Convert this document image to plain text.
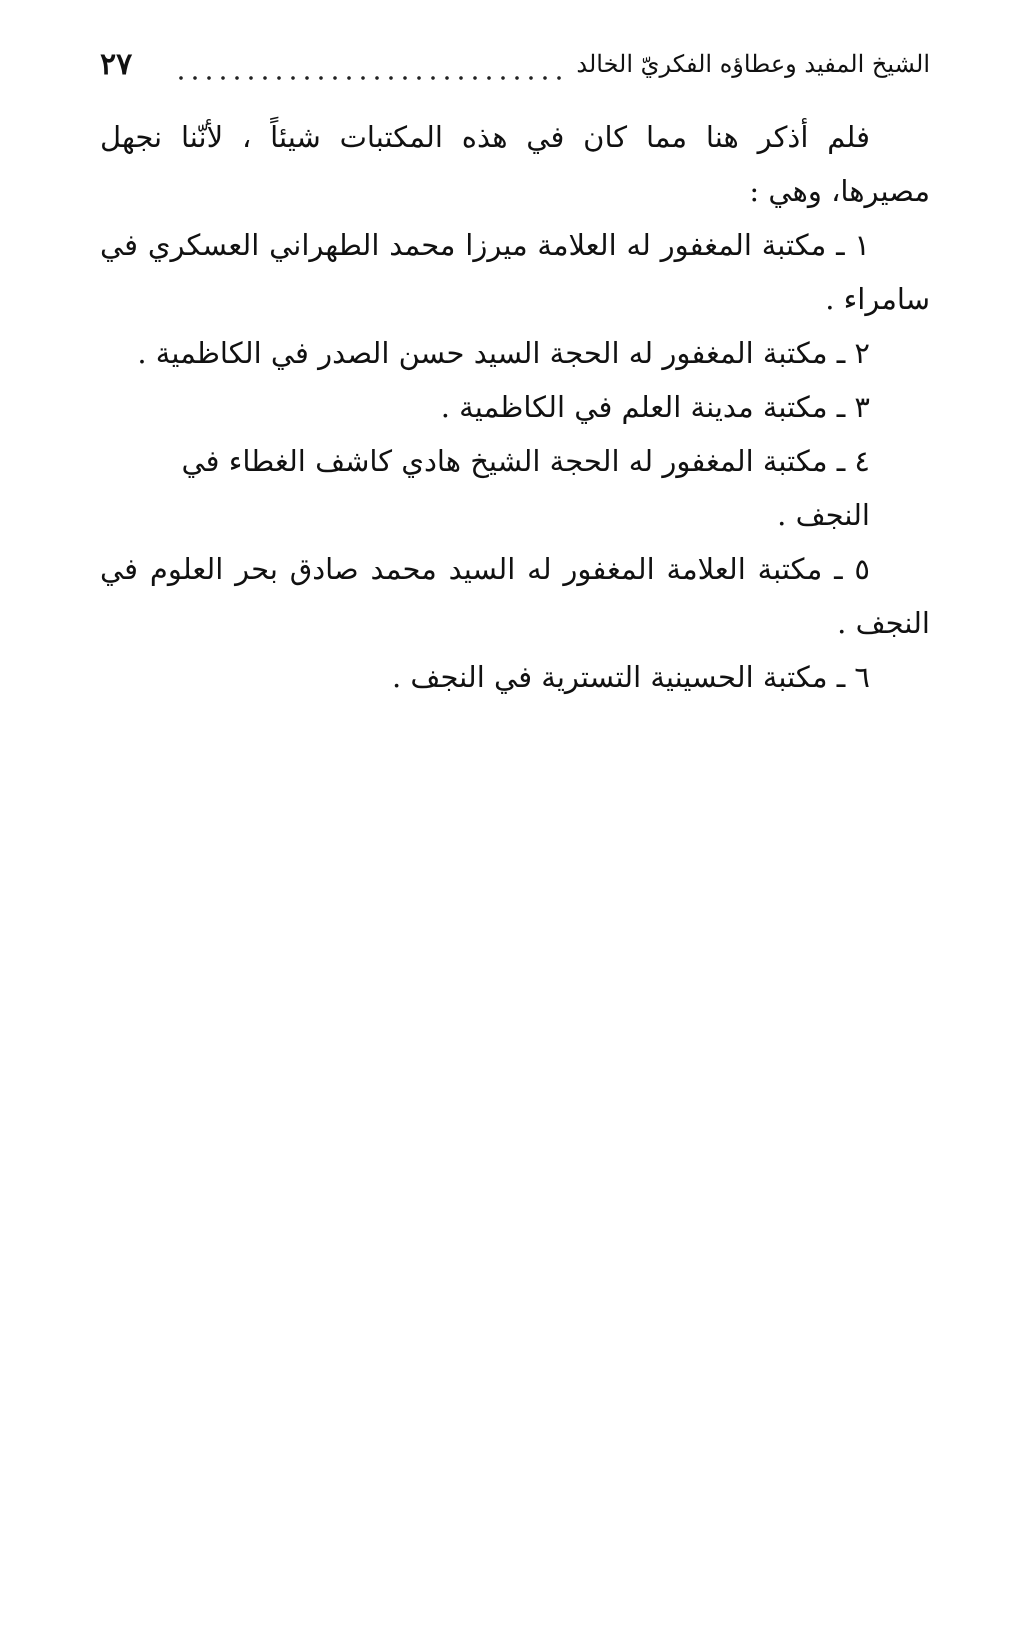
٢٧	الشيخ المفيد وعطاؤه الفكريّ الخالد

فلم أذكر هنا مما كان في هذه المكتبات شيئاً ، لأنّنا نجهل مصيرها، وهي :

١ ـ مكتبة المغفور له العلامة ميرزا محمد الطهراني العسكري في سامراء .

٢ ـ مكتبة المغفور له الحجة السيد حسن الصدر في الكاظمية .

٣ ـ مكتبة مدينة العلم في الكاظمية .

٤ ـ مكتبة المغفور له الحجة الشيخ هادي كاشف الغطاء في النجف .

٥ ـ مكتبة العلامة المغفور له السيد محمد صادق بحر العلوم في النجف .

٦ ـ مكتبة الحسينية التسترية في النجف .
